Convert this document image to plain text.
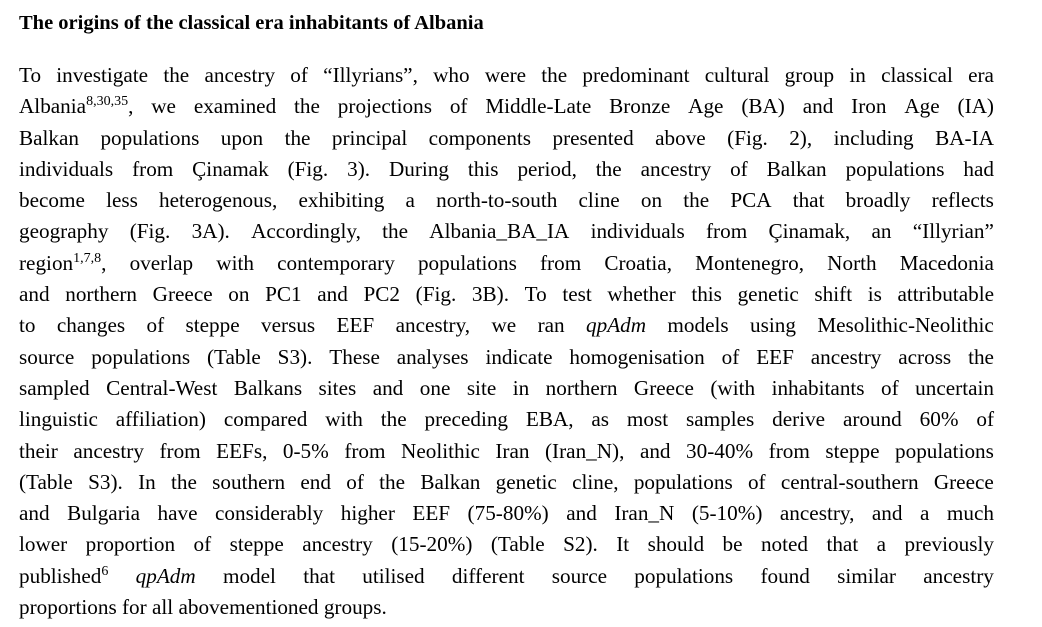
The origins of the classical era inhabitants of Albania
To investigate the ancestry of “Illyrians”, who were the predominant cultural group in classical era
Albania$^{8,30,35}$, we examined the projections of Middle-Late Bronze Age (BA) and Iron Age (IA)
Balkan populations upon the principal components presented above (Fig. 2), including BA-IA
individuals from Çinamak (Fig. 3). During this period, the ancestry of Balkan populations had
become less heterogenous, exhibiting a north-to-south cline on the PCA that broadly reflects
geography (Fig. 3A). Accordingly, the Albania_BA_IA individuals from Çinamak, an “Illyrian”
region$^{1,7,8}$, overlap with contemporary populations from Croatia, Montenegro, North Macedonia
and northern Greece on PC1 and PC2 (Fig. 3B). To test whether this genetic shift is attributable
to changes of steppe versus EEF ancestry, we ran qpAdm models using Mesolithic-Neolithic
source populations (Table S3). These analyses indicate homogenisation of EEF ancestry across the
sampled Central-West Balkans sites and one site in northern Greece (with inhabitants of uncertain
linguistic affiliation) compared with the preceding EBA, as most samples derive around 60% of
their ancestry from EEFs, 0-5% from Neolithic Iran (Iran_N), and 30-40% from steppe populations
(Table S3). In the southern end of the Balkan genetic cline, populations of central-southern Greece
and Bulgaria have considerably higher EEF (75-80%) and Iran_N (5-10%) ancestry, and a much
lower proportion of steppe ancestry (15-20%) (Table S2). It should be noted that a previously
published$^6$ qpAdm model that utilised different source populations found similar ancestry
proportions for all abovementioned groups.
